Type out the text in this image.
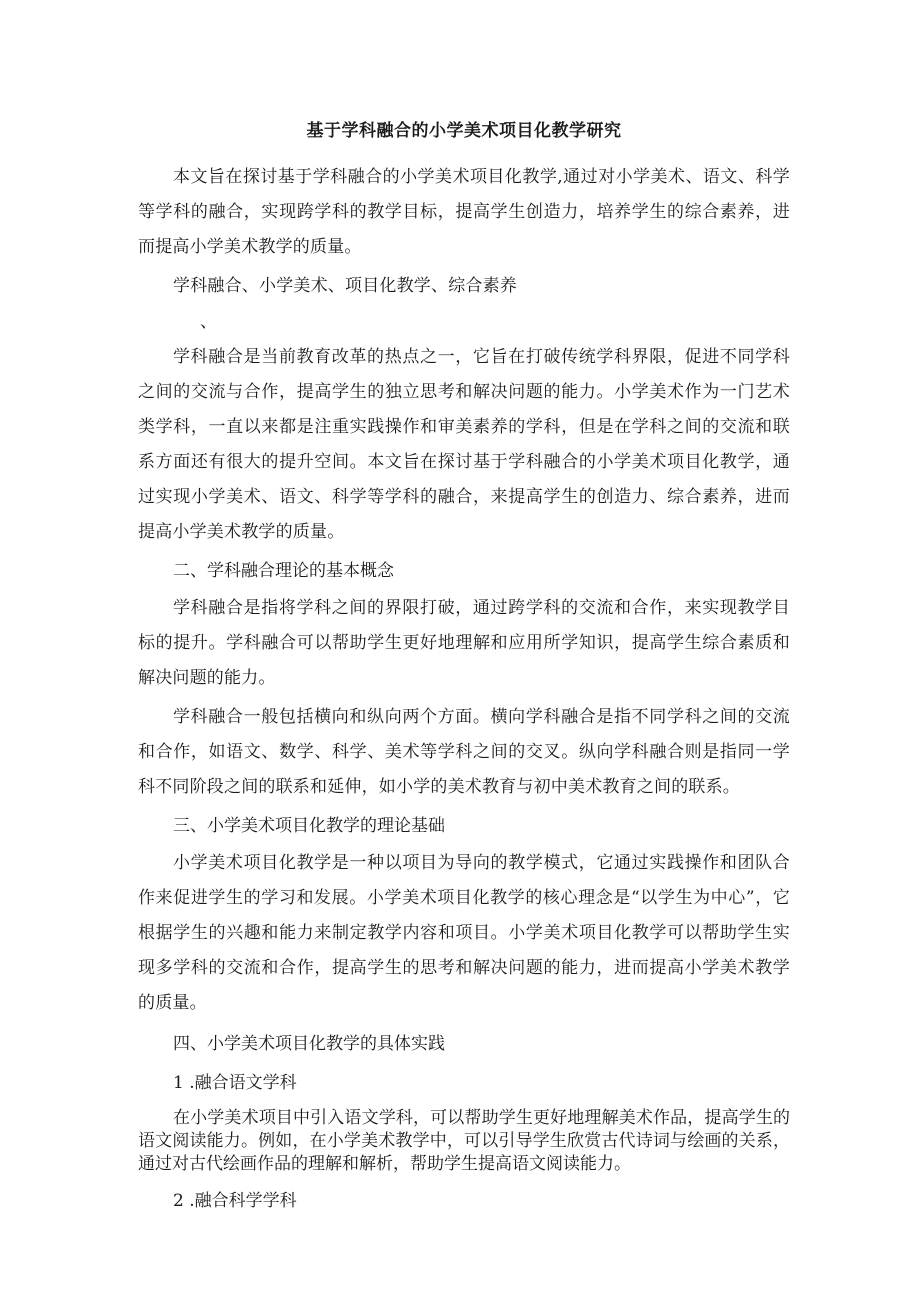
基于学科融合的小学美术项目化教学研究

本文旨在探讨基于学科融合的小学美术项目化教学,通过对小学美术、语文、科学等学科的融合，实现跨学科的教学目标，提高学生创造力，培养学生的综合素养，进而提高小学美术教学的质量。

学科融合、小学美术、项目化教学、综合素养

、

学科融合是当前教育改革的热点之一，它旨在打破传统学科界限，促进不同学科之间的交流与合作，提高学生的独立思考和解决问题的能力。小学美术作为一门艺术类学科，一直以来都是注重实践操作和审美素养的学科，但是在学科之间的交流和联系方面还有很大的提升空间。本文旨在探讨基于学科融合的小学美术项目化教学，通过实现小学美术、语文、科学等学科的融合，来提高学生的创造力、综合素养，进而提高小学美术教学的质量。

二、学科融合理论的基本概念

学科融合是指将学科之间的界限打破，通过跨学科的交流和合作，来实现教学目标的提升。学科融合可以帮助学生更好地理解和应用所学知识，提高学生综合素质和解决问题的能力。

学科融合一般包括横向和纵向两个方面。横向学科融合是指不同学科之间的交流和合作，如语文、数学、科学、美术等学科之间的交叉。纵向学科融合则是指同一学科不同阶段之间的联系和延伸，如小学的美术教育与初中美术教育之间的联系。

三、小学美术项目化教学的理论基础

小学美术项目化教学是一种以项目为导向的教学模式，它通过实践操作和团队合作来促进学生的学习和发展。小学美术项目化教学的核心理念是“以学生为中心”，它根据学生的兴趣和能力来制定教学内容和项目。小学美术项目化教学可以帮助学生实现多学科的交流和合作，提高学生的思考和解决问题的能力，进而提高小学美术教学的质量。

四、小学美术项目化教学的具体实践

1 .融合语文学科

在小学美术项目中引入语文学科，可以帮助学生更好地理解美术作品，提高学生的语文阅读能力。例如，在小学美术教学中，可以引导学生欣赏古代诗词与绘画的关系，通过对古代绘画作品的理解和解析，帮助学生提高语文阅读能力。

2 .融合科学学科
